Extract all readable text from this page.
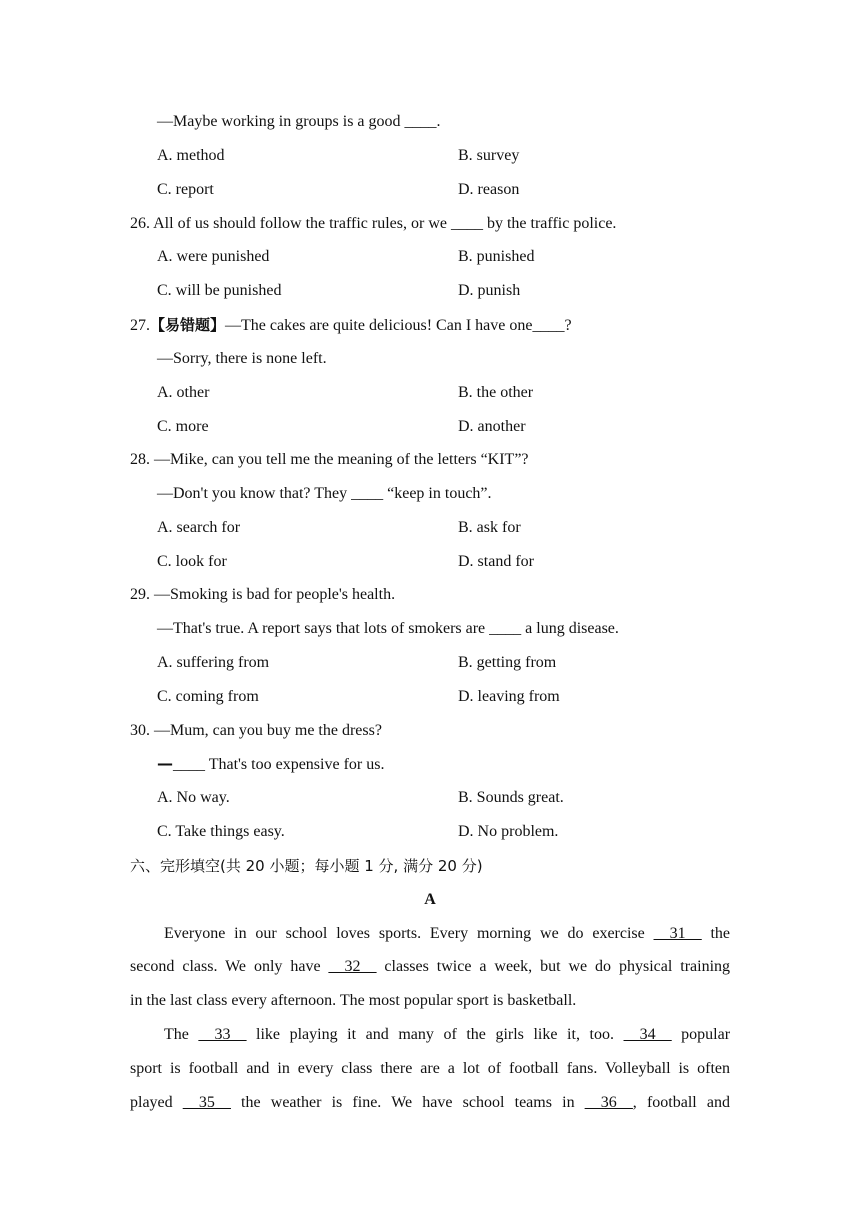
—Maybe working in groups is a good ____.
A. method	B. survey
C. report	D. reason
26. All of us should follow the traffic rules, or we ____ by the traffic police.
A. were punished	B. punished
C. will be punished	D. punish
27.【易错题】—The cakes are quite delicious! Can I have one____?
—Sorry, there is none left.
A. other	B. the other
C. more	D. another
28. —Mike, can you tell me the meaning of the letters “KIT”?
—Don't you know that? They ____ “keep in touch”.
A. search for	B. ask for
C. look for	D. stand for
29. —Smoking is bad for people's health.
—That's true. A report says that lots of smokers are ____ a lung disease.
A. suffering from	B. getting from
C. coming from	D. leaving from
30. —Mum, can you buy me the dress?
—____ That's too expensive for us.
A. No way.	B. Sounds great.
C. Take things easy.	D. No problem.
六、完形填空(共 20 小题；每小题 1 分, 满分 20 分)
A
Everyone in our school loves sports. Every morning we do exercise __31__ the
second class. We only have __32__ classes twice a week, but we do physical training
in the last class every afternoon. The most popular sport is basketball.
The __33__ like playing it and many of the girls like it, too. __34__ popular
sport is football and in every class there are a lot of football fans. Volleyball is often
played __35__ the weather is fine. We have school teams in __36__, football and
